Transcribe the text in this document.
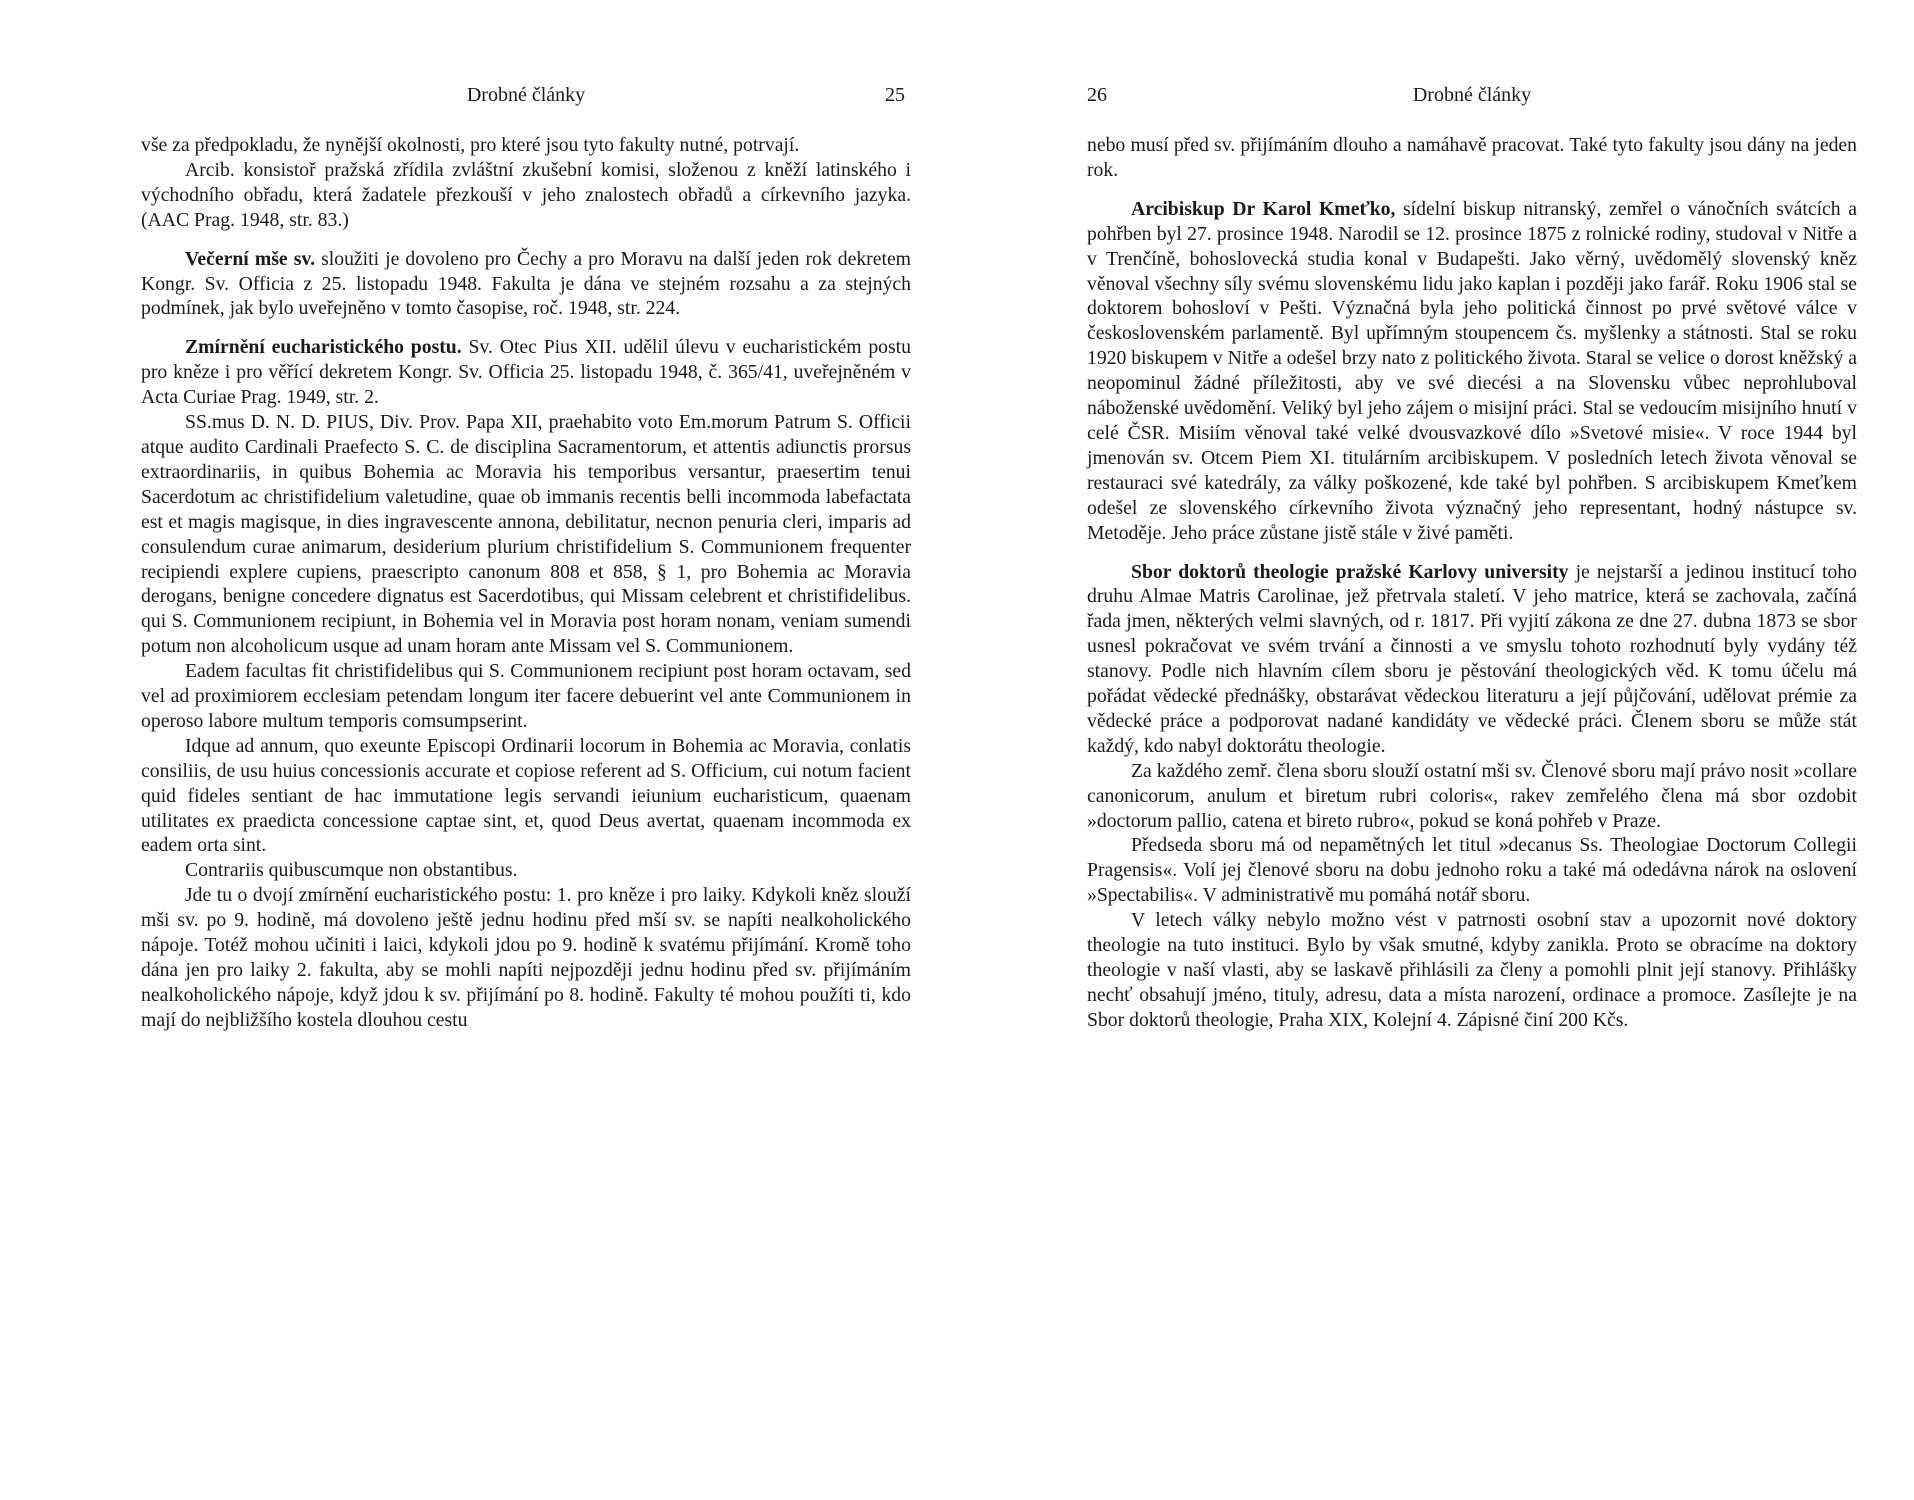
Drobné články	25

vše za předpokladu, že nynější okolnosti, pro které jsou tyto fakulty nutné, potrvají.

Arcib. konsistoř pražská zřídila zvláštní zkušební komisi, složenou z kněží latinského i východního obřadu, která žadatele přezkouší v jeho znalostech obřadů a církevního jazyka. (AAC Prag. 1948, str. 83.)

Večerní mše sv. sloužiti je dovoleno pro Čechy a pro Moravu na další jeden rok dekretem Kongr. Sv. Officia z 25. listopadu 1948. Fakulta je dána ve stejném rozsahu a za stejných podmínek, jak bylo uveřejněno v tomto časopise, roč. 1948, str. 224.

Zmírnění eucharistického postu. Sv. Otec Pius XII. udělil úlevu v eucharistickém postu pro kněze i pro věřící dekretem Kongr. Sv. Officia 25. listopadu 1948, č. 365/41, uveřejněném v Acta Curiae Prag. 1949, str. 2.

SS.mus D. N. D. PIUS, Div. Prov. Papa XII, praehabito voto Em.morum Patrum S. Officii atque audito Cardinali Praefecto S. C. de disciplina Sacramentorum, et attentis adiunctis prorsus extraordinariis, in quibus Bohemia ac Moravia his temporibus versantur, praesertim tenui Sacerdotum ac christifidelium valetudine, quae ob immanis recentis belli incommoda labefactata est et magis magisque, in dies ingravescente annona, debilitatur, necnon penuria cleri, imparis ad consulendum curae animarum, desiderium plurium christifidelium S. Communionem frequenter recipiendi explere cupiens, praescripto canonum 808 et 858, § 1, pro Bohemia ac Moravia derogans, benigne concedere dignatus est Sacerdotibus, qui Missam celebrent et christifidelibus. qui S. Communionem recipiunt, in Bohemia vel in Moravia post horam nonam, veniam sumendi potum non alcoholicum usque ad unam horam ante Missam vel S. Communionem.

Eadem facultas fit christifidelibus qui S. Communionem recipiunt post horam octavam, sed vel ad proximiorem ecclesiam petendam longum iter facere debuerint vel ante Communionem in operoso labore multum temporis comsumpserint.

Idque ad annum, quo exeunte Episcopi Ordinarii locorum in Bohemia ac Moravia, conlatis consiliis, de usu huius concessionis accurate et copiose referent ad S. Officium, cui notum facient quid fideles sentiant de hac immutatione legis servandi ieiunium eucharisticum, quaenam utilitates ex praedicta concessione captae sint, et, quod Deus avertat, quaenam incommoda ex eadem orta sint.

Contrariis quibuscumque non obstantibus.

Jde tu o dvojí zmírnění eucharistického postu: 1. pro kněze i pro laiky. Kdykoli kněz slouží mši sv. po 9. hodině, má dovoleno ještě jednu hodinu před mší sv. se napíti nealkoholického nápoje. Totéž mohou učiniti i laici, kdykoli jdou po 9. hodině k svatému přijímání. Kromě toho dána jen pro laiky 2. fakulta, aby se mohli napíti nejpozději jednu hodinu před sv. přijímáním nealkoholického nápoje, když jdou k sv. přijímání po 8. hodině. Fakulty té mohou použíti ti, kdo mají do nejbližšího kostela dlouhou cestu

26	Drobné články

nebo musí před sv. přijímáním dlouho a namáhavě pracovat. Také tyto fakulty jsou dány na jeden rok.

Arcibiskup Dr Karol Kmeťko, sídelní biskup nitranský, zemřel o vánočních svátcích a pohřben byl 27. prosince 1948. Narodil se 12. prosince 1875 z rolnické rodiny, studoval v Nitře a v Trenčíně, bohoslovecká studia konal v Budapešti. Jako věrný, uvědomělý slovenský kněz věnoval všechny síly svému slovenskému lidu jako kaplan i později jako farář. Roku 1906 stal se doktorem bohosloví v Pešti. Význačná byla jeho politická činnost po prvé světové válce v československém parlamentě. Byl upřímným stoupencem čs. myšlenky a státnosti. Stal se roku 1920 biskupem v Nitře a odešel brzy nato z politického života. Staral se velice o dorost kněžský a neopominul žádné příležitosti, aby ve své diecési a na Slovensku vůbec neprohluboval náboženské uvědomění. Veliký byl jeho zájem o misijní práci. Stal se vedoucím misijního hnutí v celé ČSR. Misiím věnoval také velké dvousvazkové dílo »Svetové misie«. V roce 1944 byl jmenován sv. Otcem Piem XI. titulárním arcibiskupem. V posledních letech života věnoval se restauraci své katedrály, za války poškozené, kde také byl pohřben. S arcibiskupem Kmeťkem odešel ze slovenského církevního života význačný jeho representant, hodný nástupce sv. Metoděje. Jeho práce zůstane jistě stále v živé paměti.

Sbor doktorů theologie pražské Karlovy university je nejstarší a jedinou institucí toho druhu Almae Matris Carolinae, jež přetrvala staletí. V jeho matrice, která se zachovala, začíná řada jmen, některých velmi slavných, od r. 1817. Při vyjití zákona ze dne 27. dubna 1873 se sbor usnesl pokračovat ve svém trvání a činnosti a ve smyslu tohoto rozhodnutí byly vydány též stanovy. Podle nich hlavním cílem sboru je pěstování theologických věd. K tomu účelu má pořádat vědecké přednášky, obstarávat vědeckou literaturu a její půjčování, udělovat prémie za vědecké práce a podporovat nadané kandidáty ve vědecké práci. Členem sboru se může stát každý, kdo nabyl doktorátu theologie.

Za každého zemř. člena sboru slouží ostatní mši sv. Členové sboru mají právo nosit »collare canonicorum, anulum et biretum rubri coloris«, rakev zemřelého člena má sbor ozdobit »doctorum pallio, catena et bireto rubro«, pokud se koná pohřeb v Praze.

Předseda sboru má od nepamětných let titul »decanus Ss. Theologiae Doctorum Collegii Pragensis«. Volí jej členové sboru na dobu jednoho roku a také má odedávna nárok na oslovení »Spectabilis«. V administrativě mu pomáhá notář sboru.

V letech války nebylo možno vést v patrnosti osobní stav a upozornit nové doktory theologie na tuto instituci. Bylo by však smutné, kdyby zanikla. Proto se obracíme na doktory theologie v naší vlasti, aby se laskavě přihlásili za členy a pomohli plnit její stanovy. Přihlášky nechť obsahují jméno, tituly, adresu, data a místa narození, ordinace a promoce. Zasílejte je na Sbor doktorů theologie, Praha XIX, Kolejní 4. Zápisné činí 200 Kčs.
